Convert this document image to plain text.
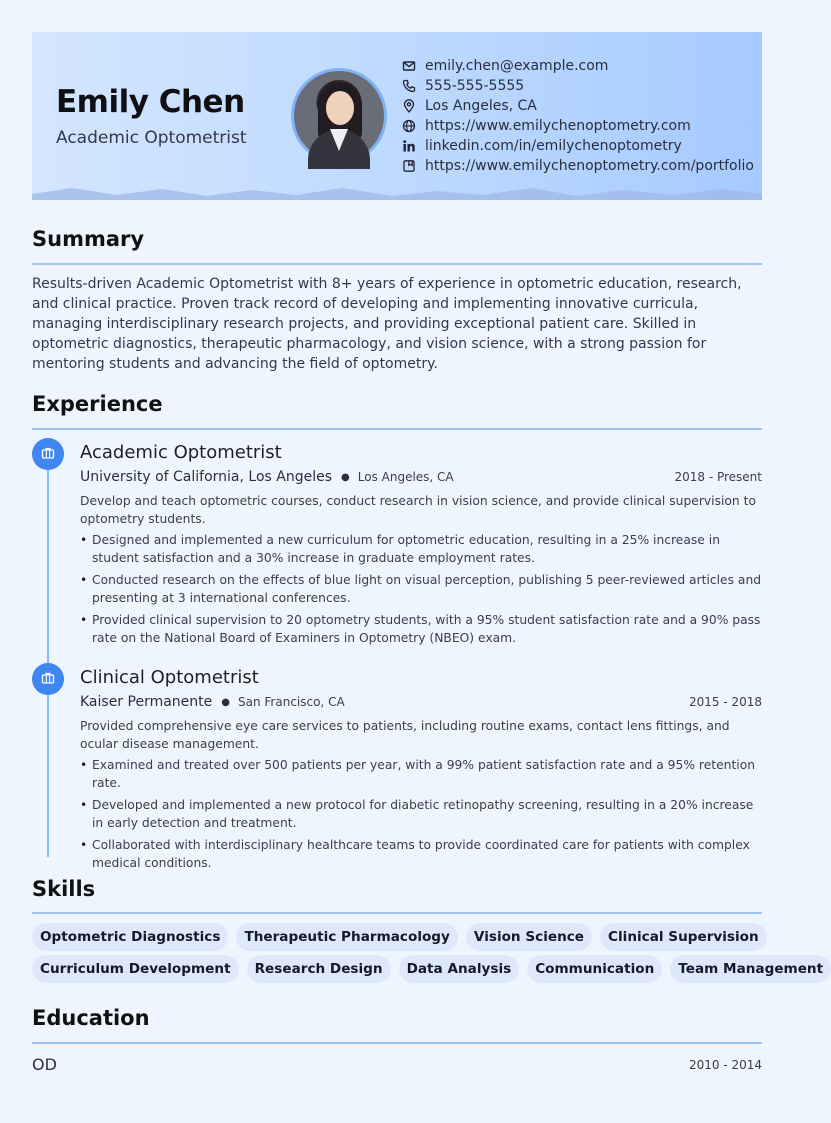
Emily Chen
Academic Optometrist
emily.chen@example.com
555-555-5555
Los Angeles, CA
https://www.emilychenoptometry.com
linkedin.com/in/emilychenoptometry
https://www.emilychenoptometry.com/portfolio
Summary
Results-driven Academic Optometrist with 8+ years of experience in optometric education, research, and clinical practice. Proven track record of developing and implementing innovative curricula, managing interdisciplinary research projects, and providing exceptional patient care. Skilled in optometric diagnostics, therapeutic pharmacology, and vision science, with a strong passion for mentoring students and advancing the field of optometry.
Experience
Academic Optometrist
University of California, Los Angeles ● Los Angeles, CA	2018 - Present
Develop and teach optometric courses, conduct research in vision science, and provide clinical supervision to optometry students.
• Designed and implemented a new curriculum for optometric education, resulting in a 25% increase in student satisfaction and a 30% increase in graduate employment rates.
• Conducted research on the effects of blue light on visual perception, publishing 5 peer-reviewed articles and presenting at 3 international conferences.
• Provided clinical supervision to 20 optometry students, with a 95% student satisfaction rate and a 90% pass rate on the National Board of Examiners in Optometry (NBEO) exam.
Clinical Optometrist
Kaiser Permanente ● San Francisco, CA	2015 - 2018
Provided comprehensive eye care services to patients, including routine exams, contact lens fittings, and ocular disease management.
• Examined and treated over 500 patients per year, with a 99% patient satisfaction rate and a 95% retention rate.
• Developed and implemented a new protocol for diabetic retinopathy screening, resulting in a 20% increase in early detection and treatment.
• Collaborated with interdisciplinary healthcare teams to provide coordinated care for patients with complex medical conditions.
Skills
Optometric Diagnostics	Therapeutic Pharmacology	Vision Science	Clinical Supervision
Curriculum Development	Research Design	Data Analysis	Communication	Team Management
Education
OD	2010 - 2014
